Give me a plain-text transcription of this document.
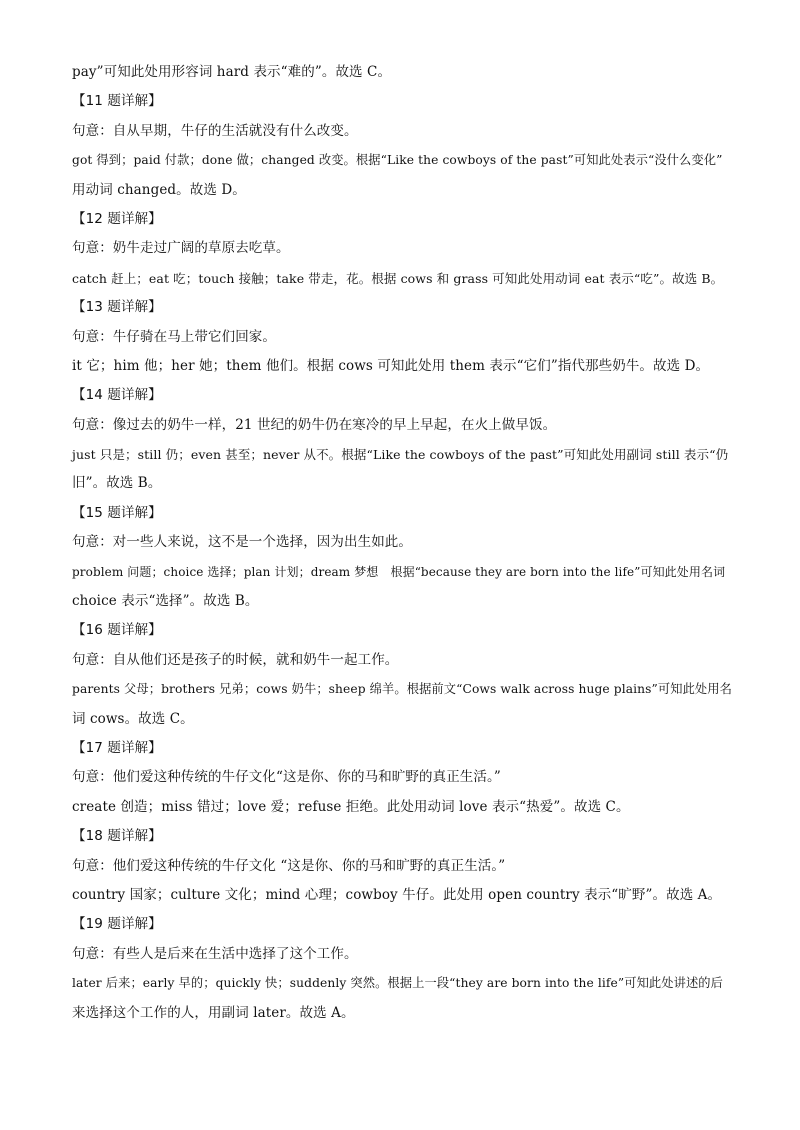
pay”可知此处用形容词 hard 表示“难的”。故选 C。
【11 题详解】
句意：自从早期，牛仔的生活就没有什么改变。
got 得到；paid 付款；done 做；changed 改变。根据“Like the cowboys of the past”可知此处表示“没什么变化”
用动词 changed。故选 D。
【12 题详解】
句意：奶牛走过广阔的草原去吃草。
catch 赶上；eat 吃；touch 接触；take 带走，花。根据 cows 和 grass 可知此处用动词 eat 表示“吃”。故选 B。
【13 题详解】
句意：牛仔骑在马上带它们回家。
it 它；him 他；her 她；them 他们。根据 cows 可知此处用 them 表示“它们”指代那些奶牛。故选 D。
【14 题详解】
句意：像过去的奶牛一样，21 世纪的奶牛仍在寒冷的早上早起，在火上做早饭。
just 只是；still 仍；even 甚至；never 从不。根据“Like the cowboys of the past”可知此处用副词 still 表示“仍
旧”。故选 B。
【15 题详解】
句意：对一些人来说，这不是一个选择，因为出生如此。
problem 问题；choice 选择；plan 计划；dream 梦想　根据“because they are born into the life”可知此处用名词
choice 表示“选择”。故选 B。
【16 题详解】
句意：自从他们还是孩子的时候，就和奶牛一起工作。
parents 父母；brothers 兄弟；cows 奶牛；sheep 绵羊。根据前文“Cows walk across huge plains”可知此处用名
词 cows。故选 C。
【17 题详解】
句意：他们爱这种传统的牛仔文化“这是你、你的马和旷野的真正生活。”
create 创造；miss 错过；love 爱；refuse 拒绝。此处用动词 love 表示“热爱”。故选 C。
【18 题详解】
句意：他们爱这种传统的牛仔文化 “这是你、你的马和旷野的真正生活。”
country 国家；culture 文化；mind 心理；cowboy 牛仔。此处用 open country 表示“旷野”。故选 A。
【19 题详解】
句意：有些人是后来在生活中选择了这个工作。
later 后来；early 早的；quickly 快；suddenly 突然。根据上一段“they are born into the life”可知此处讲述的后
来选择这个工作的人，用副词 later。故选 A。
